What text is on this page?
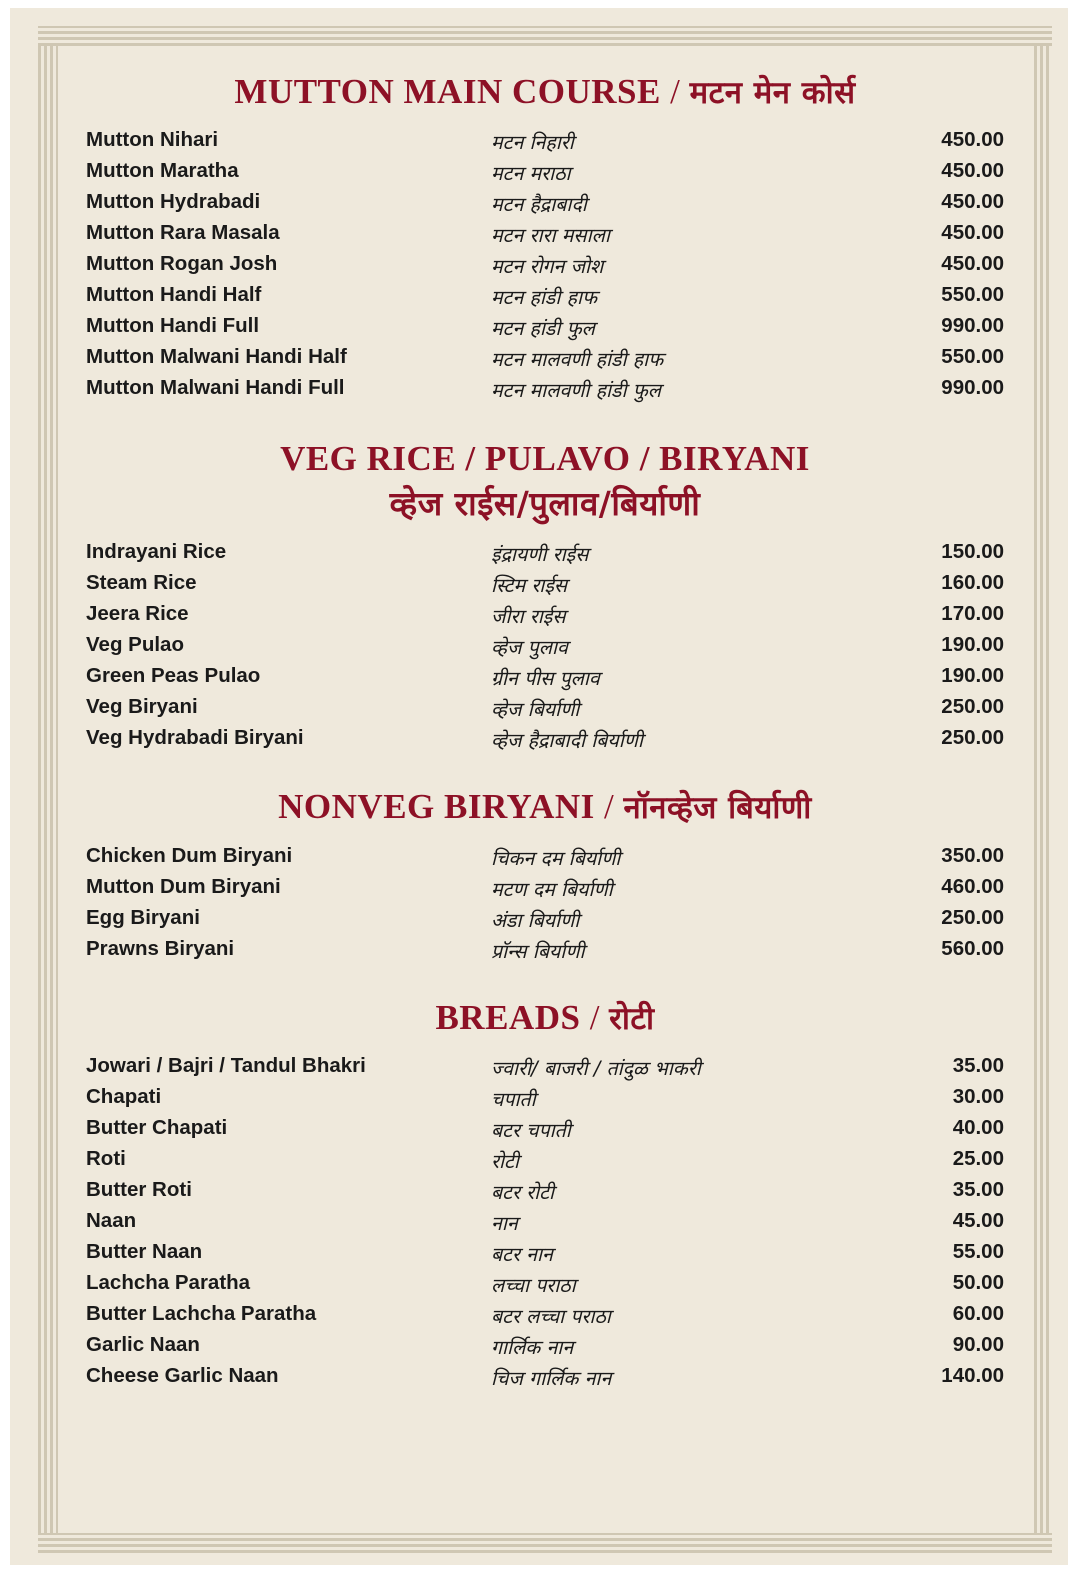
MUTTON MAIN COURSE / मटन मेन कोर्स
Mutton Nihari	मटन निहारी	450.00
Mutton Maratha	मटन मराठा	450.00
Mutton Hydrabadi	मटन हैद्राबादी	450.00
Mutton Rara Masala	मटन रारा मसाला	450.00
Mutton Rogan Josh	मटन रोगन जोश	450.00
Mutton Handi Half	मटन हांडी हाफ	550.00
Mutton Handi Full	मटन हांडी फुल	990.00
Mutton Malwani Handi Half	मटन मालवणी हांडी हाफ	550.00
Mutton Malwani Handi Full	मटन मालवणी हांडी फुल	990.00
VEG RICE / PULAVO / BIRYANI
व्हेज राईस/पुलाव/बिर्याणी
Indrayani Rice	इंद्रायणी राईस	150.00
Steam Rice	स्टिम राईस	160.00
Jeera Rice	जीरा राईस	170.00
Veg Pulao	व्हेज पुलाव	190.00
Green Peas Pulao	ग्रीन पीस पुलाव	190.00
Veg Biryani	व्हेज बिर्याणी	250.00
Veg Hydrabadi Biryani	व्हेज हैद्राबादी बिर्याणी	250.00
NONVEG BIRYANI / नॉनव्हेज बिर्याणी
Chicken Dum Biryani	चिकन दम बिर्याणी	350.00
Mutton Dum Biryani	मटण दम बिर्याणी	460.00
Egg Biryani	अंडा बिर्याणी	250.00
Prawns Biryani	प्रॉन्स बिर्याणी	560.00
BREADS / रोटी
Jowari / Bajri / Tandul Bhakri	ज्वारी/ बाजरी / तांदुळ भाकरी	35.00
Chapati	चपाती	30.00
Butter Chapati	बटर चपाती	40.00
Roti	रोटी	25.00
Butter Roti	बटर रोटी	35.00
Naan	नान	45.00
Butter Naan	बटर नान	55.00
Lachcha Paratha	लच्चा पराठा	50.00
Butter Lachcha Paratha	बटर लच्चा पराठा	60.00
Garlic Naan	गार्लिक नान	90.00
Cheese Garlic Naan	चिज गार्लिक नान	140.00
